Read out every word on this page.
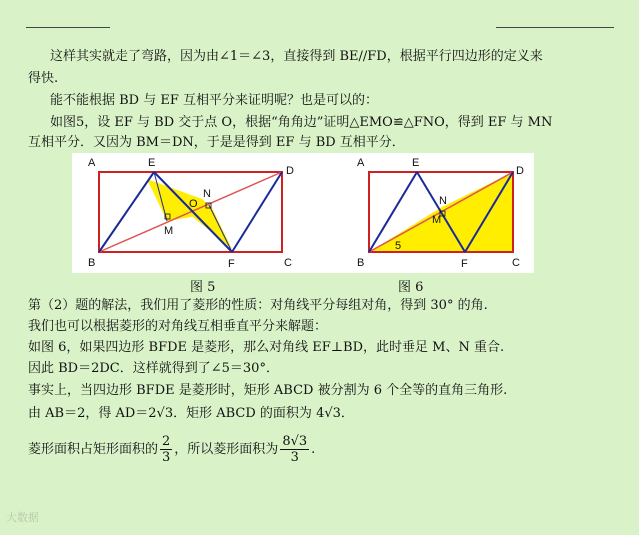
这样其实就走了弯路，因为由∠1＝∠3，直接得到 BE//FD，根据平行四边形的定义来
得快.
能不能根据 BD 与 EF 互相平分来证明呢？也是可以的：
如图5，设 EF 与 BD 交于点 O，根据“角角边”证明△EMO≌△FNO，得到 EF 与 MN
互相平分．又因为 BM＝DN，于是是得到 EF 与 BD 互相平分．
A	E
D
B	F	C
O
N
M
A	E
D
B	F	C
N
M
5
图 5	图 6
第（2）题的解法，我们用了菱形的性质：对角线平分每组对角，得到 30° 的角.
我们也可以根据菱形的对角线互相垂直平分来解题：
如图 6，如果四边形 BFDE 是菱形，那么对角线 EF⊥BD，此时垂足 M、N 重合.
因此 BD＝2DC．这样就得到了∠5＝30°．
事实上，当四边形 BFDE 是菱形时，矩形 ABCD 被分割为 6 个全等的直角三角形.
由 AB＝2，得 AD＝2√3．矩形 ABCD 的面积为 4√3．
菱形面积占矩形面积的 $\frac{2}{3}$ ，所以菱形面积为 $\frac{8√3}{3}$ .
大数据
